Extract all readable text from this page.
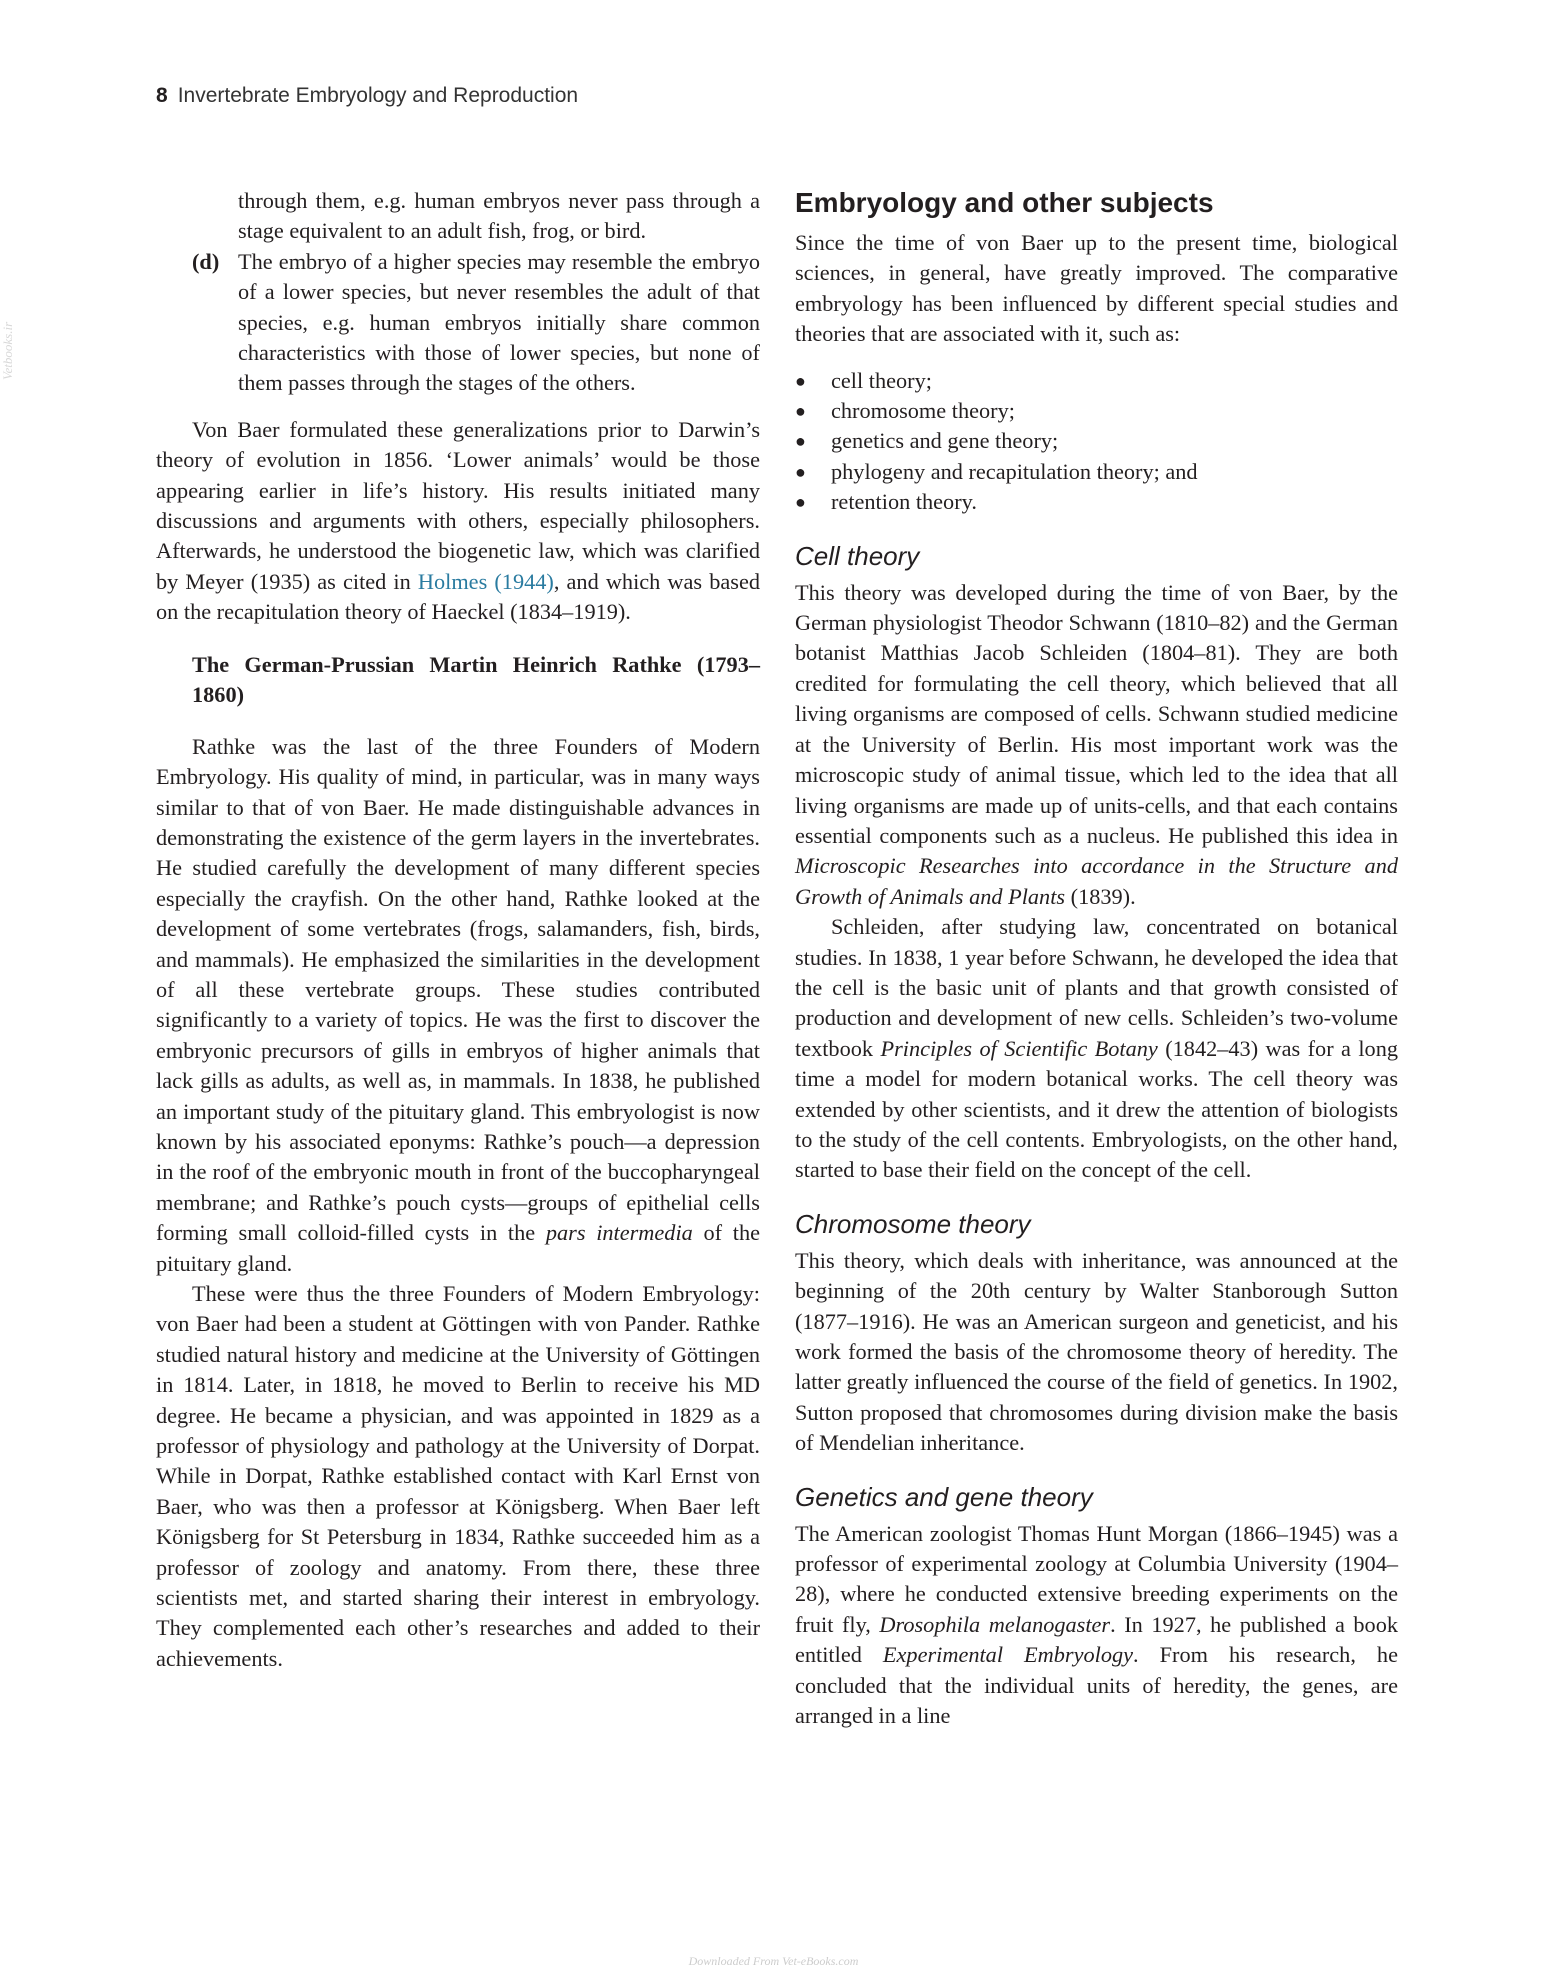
Vetbooks.ir
8 Invertebrate Embryology and Reproduction

through them, e.g. human embryos never pass through a stage equivalent to an adult fish, frog, or bird.

(d) The embryo of a higher species may resemble the embryo of a lower species, but never resembles the adult of that species, e.g. human embryos initially share common characteristics with those of lower species, but none of them passes through the stages of the others.

Von Baer formulated these generalizations prior to Darwin’s theory of evolution in 1856. ‘Lower animals’ would be those appearing earlier in life’s history. His results initiated many discussions and arguments with others, especially philosophers. Afterwards, he understood the biogenetic law, which was clarified by Meyer (1935) as cited in Holmes (1944), and which was based on the recapitulation theory of Haeckel (1834–1919).

The German-Prussian Martin Heinrich Rathke (1793–1860)

Rathke was the last of the three Founders of Modern Embryology. His quality of mind, in particular, was in many ways similar to that of von Baer. He made distinguishable advances in demonstrating the existence of the germ layers in the invertebrates. He studied carefully the development of many different species especially the crayfish. On the other hand, Rathke looked at the development of some vertebrates (frogs, salamanders, fish, birds, and mammals). He emphasized the similarities in the development of all these vertebrate groups. These studies contributed significantly to a variety of topics. He was the first to discover the embryonic precursors of gills in embryos of higher animals that lack gills as adults, as well as, in mammals. In 1838, he published an important study of the pituitary gland. This embryologist is now known by his associated eponyms: Rathke’s pouch—a depression in the roof of the embryonic mouth in front of the buccopharyngeal membrane; and Rathke’s pouch cysts—groups of epithelial cells forming small colloid-filled cysts in the pars intermedia of the pituitary gland.

These were thus the three Founders of Modern Embryology: von Baer had been a student at Göttingen with von Pander. Rathke studied natural history and medicine at the University of Göttingen in 1814. Later, in 1818, he moved to Berlin to receive his MD degree. He became a physician, and was appointed in 1829 as a professor of physiology and pathology at the University of Dorpat. While in Dorpat, Rathke established contact with Karl Ernst von Baer, who was then a professor at Königsberg. When Baer left Königsberg for St Petersburg in 1834, Rathke succeeded him as a professor of zoology and anatomy. From there, these three scientists met, and started sharing their interest in embryology. They complemented each other’s researches and added to their achievements.

Embryology and other subjects

Since the time of von Baer up to the present time, biological sciences, in general, have greatly improved. The comparative embryology has been influenced by different special studies and theories that are associated with it, such as:

●	cell theory;
●	chromosome theory;
●	genetics and gene theory;
●	phylogeny and recapitulation theory; and
●	retention theory.
Cell theory

This theory was developed during the time of von Baer, by the German physiologist Theodor Schwann (1810–82) and the German botanist Matthias Jacob Schleiden (1804–81). They are both credited for formulating the cell theory, which believed that all living organisms are composed of cells. Schwann studied medicine at the University of Berlin. His most important work was the microscopic study of animal tissue, which led to the idea that all living organisms are made up of units-cells, and that each contains essential components such as a nucleus. He published this idea in Microscopic Researches into accordance in the Structure and Growth of Animals and Plants (1839).

Schleiden, after studying law, concentrated on botanical studies. In 1838, 1 year before Schwann, he developed the idea that the cell is the basic unit of plants and that growth consisted of production and development of new cells. Schleiden’s two-volume textbook Principles of Scientific Botany (1842–43) was for a long time a model for modern botanical works. The cell theory was extended by other scientists, and it drew the attention of biologists to the study of the cell contents. Embryologists, on the other hand, started to base their field on the concept of the cell.

Chromosome theory

This theory, which deals with inheritance, was announced at the beginning of the 20th century by Walter Stanborough Sutton (1877–1916). He was an American surgeon and geneticist, and his work formed the basis of the chromosome theory of heredity. The latter greatly influenced the course of the field of genetics. In 1902, Sutton proposed that chromosomes during division make the basis of Mendelian inheritance.

Genetics and gene theory

The American zoologist Thomas Hunt Morgan (1866–1945) was a professor of experimental zoology at Columbia University (1904–28), where he conducted extensive breeding experiments on the fruit fly, Drosophila melanogaster. In 1927, he published a book entitled Experimental Embryology. From his research, he concluded that the individual units of heredity, the genes, are arranged in a line

Downloaded From Vet-eBooks.com
